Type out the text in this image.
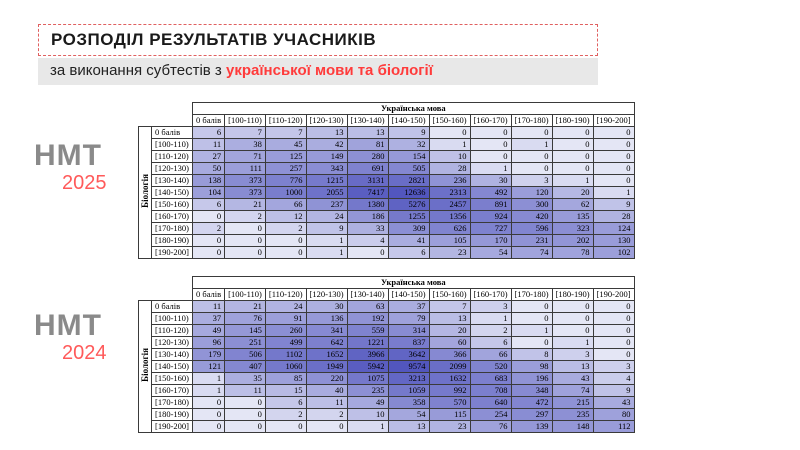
РОЗПОДІЛ РЕЗУЛЬТАТІВ УЧАСНИКІВ
за виконання субтестів з української мови та біології
НМТ
2025
НМТ
2024
		Українська мова										
		0 балів	[100-110)	[110-120)	[120-130)	[130-140)	[140-150)	[150-160)	[160-170)	[170-180)	[180-190)	[190-200]
Біологія	0 балів	6	7	7	13	13	9	0	0	0	0	0
	[100-110)	11	38	45	42	81	32	1	0	1	0	0
	[110-120)	27	71	125	149	280	154	10	0	0	0	0
	[120-130)	50	111	257	343	691	505	28	1	0	0	0
	[130-140)	138	373	776	1215	3131	2821	236	30	3	1	0
	[140-150)	104	373	1000	2055	7417	12636	2313	492	120	20	1
	[150-160)	6	21	66	237	1380	5276	2457	891	300	62	9
	[160-170)	0	2	12	24	186	1255	1356	924	420	135	28
	[170-180)	2	0	2	9	33	309	626	727	596	323	124
	[180-190)	0	0	0	1	4	41	105	170	231	202	130
	[190-200]	0	0	0	1	0	6	23	54	74	78	102
		Українська мова										
		0 балів	[100-110)	[110-120)	[120-130)	[130-140)	[140-150)	[150-160)	[160-170)	[170-180)	[180-190)	[190-200]
Біологія	0 балів	11	21	24	30	63	37	7	3	0	0	0
	[100-110)	37	76	91	136	192	79	13	1	0	0	0
	[110-120)	49	145	260	341	559	314	20	2	1	0	0
	[120-130)	96	251	499	642	1221	837	60	6	0	1	0
	[130-140)	179	506	1102	1652	3966	3642	366	66	8	3	0
	[140-150)	121	407	1060	1949	5942	9574	2099	520	98	13	3
	[150-160)	1	35	85	220	1075	3213	1632	683	196	43	4
	[160-170)	1	11	15	40	235	1059	992	708	348	74	9
	[170-180)	0	0	6	11	49	358	570	640	472	215	43
	[180-190)	0	0	2	2	10	54	115	254	297	235	80
	[190-200]	0	0	0	0	1	13	23	76	139	148	112
